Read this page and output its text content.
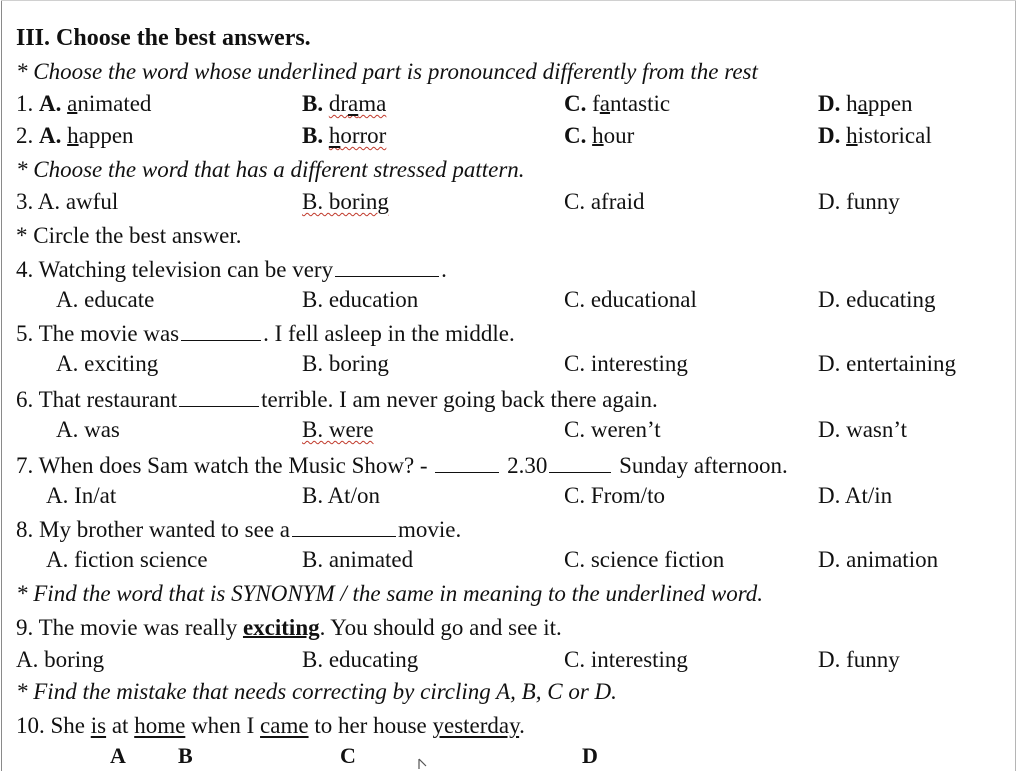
III. Choose the best answers.
* Choose the word whose underlined part is pronounced differently from the rest
1. A. animated	B. drama	C. fantastic	D. happen
2. A. happen	B. horror	C. hour	D. historical
* Choose the word that has a different stressed pattern.
3. A. awful	B. boring	C. afraid	D. funny
* Circle the best answer.
4. Watching television can be very	.
A. educate	B. education	C. educational	D. educating
5. The movie was	. I fell asleep in the middle.
A. exciting	B. boring	C. interesting	D. entertaining
6. That restaurant	terrible. I am never going back there again.
A. was	B. were	C. weren’t	D. wasn’t
7. When does Sam watch the Music Show? -	2.30	Sunday afternoon.
A. In/at	B. At/on	C. From/to	D. At/in
8. My brother wanted to see a	movie.
A. fiction science	B. animated	C. science fiction	D. animation
* Find the word that is SYNONYM / the same in meaning to the underlined word.
9. The movie was really exciting. You should go and see it.
A. boring	B. educating	C. interesting	D. funny
* Find the mistake that needs correcting by circling A, B, C or D.
10. She is at home when I came to her house yesterday.
A B	C	D
